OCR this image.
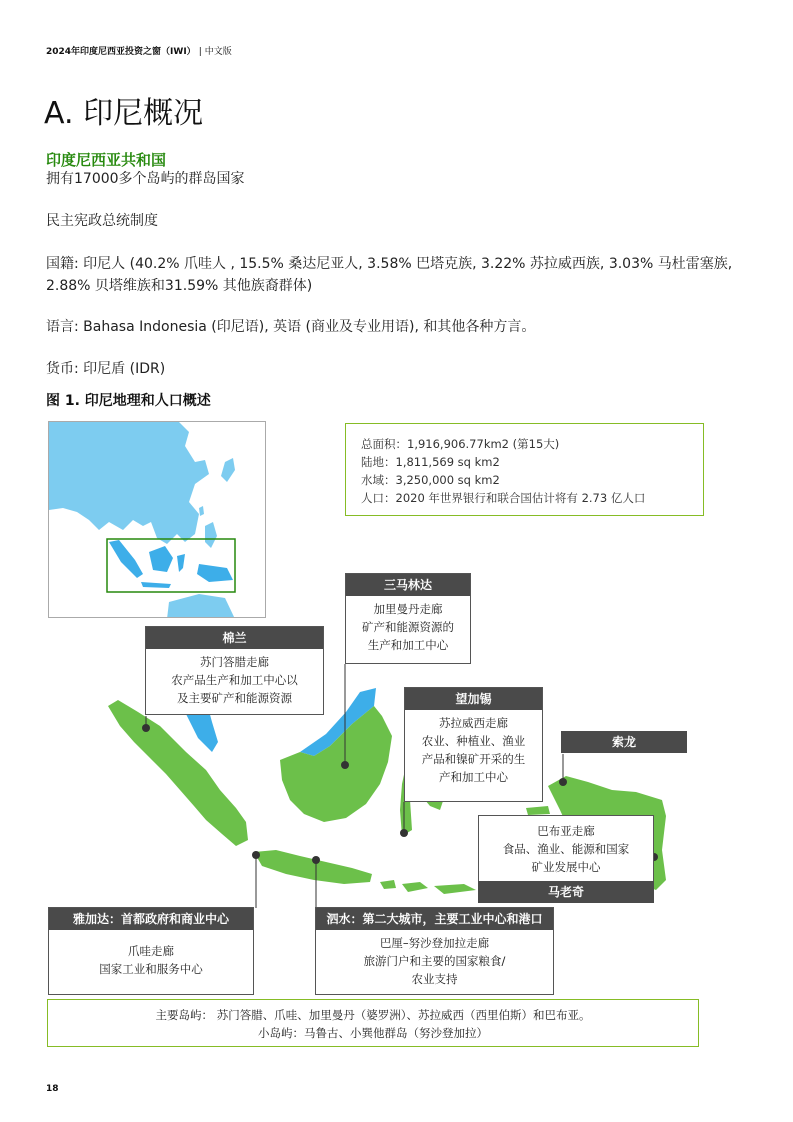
2024年印度尼西亚投资之窗（IWI） | 中文版
A. 印尼概况
印度尼西亚共和国

拥有17000多个岛屿的群岛国家

民主宪政总统制度

国籍: 印尼人 (40.2% 爪哇人 , 15.5% 桑达尼亚人, 3.58% 巴塔克族, 3.22% 苏拉威西族, 3.03% 马杜雷塞族, 2.88% 贝塔维族和31.59% 其他族裔群体)

语言: Bahasa Indonesia (印尼语), 英语 (商业及专业用语), 和其他各种方言。

货币: 印尼盾 (IDR)

图 1. 印尼地理和人口概述
总面积：1,916,906.77km2 (第15大)
陆地：1,811,569 sq km2
水域：3,250,000 sq km2
人口：2020 年世界银行和联合国估计将有 2.73 亿人口
棉兰
苏门答腊走廊
农产品生产和加工中心以
及主要矿产和能源资源
三马林达
加里曼丹走廊
矿产和能源资源的
生产和加工中心
望加锡
苏拉威西走廊
农业、种植业、渔业
产品和镍矿开采的生
产和加工中心
索龙
巴布亚走廊
食品、渔业、能源和国家
矿业发展中心
马老奇
雅加达：首都政府和商业中心
爪哇走廊
国家工业和服务中心
泗水：第二大城市，主要工业中心和港口
巴厘–努沙登加拉走廊
旅游门户和主要的国家粮食/
农业支持
主要岛屿： 苏门答腊、爪哇、加里曼丹（婆罗洲）、苏拉威西（西里伯斯）和巴布亚。
小岛屿：马鲁古、小巽他群岛（努沙登加拉）
18
